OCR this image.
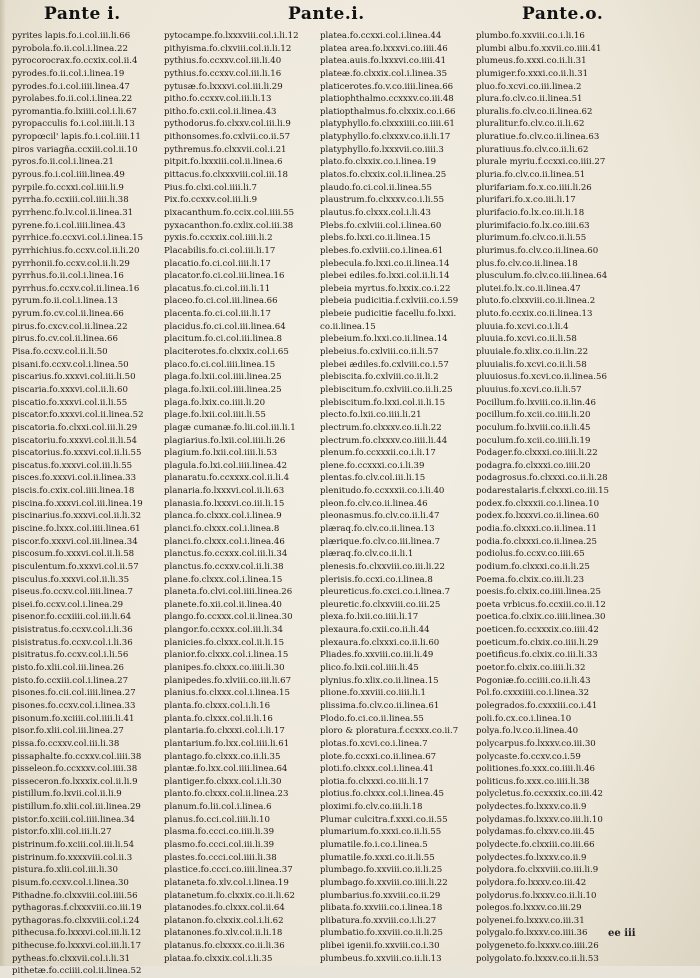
Pante i.	Pante.i.	Pante.o.
pyrites lapis.fo.i.col.iii.li.66
pyrobola.fo.ii.col.i.linea.22
pyrocorocrax.fo.ccxix.col.ii.4
pyrodes.fo.ii.col.i.linea.19
pyrodes.fo.i.col.iiii.linea.47
pyrolabes.fo.ii.col.i.linea.22
pyromantia.fo.lxiiii.col.i.li.67
pyropacculis fo.i.col.iiii.li.13
pyropœcil' lapis.fo.i.col.iiii.11
piros variagña.ccxiii.col.ii.10
pyros.fo.ii.col.i.linea.21
pyrous.fo.i.col.iiii.linea.49
pyrpile.fo.ccxxi.col.iiii.li.9
pyrrha.fo.ccxiii.col.iiii.li.38
pyrrhenc.fo.lv.col.ii.linea.31
pyrene.fo.i.col.iiii.linea.43
pyrrhice.fo.ccxvi.col.i.linea.15
pyrrhichius.fo.ccxv.col.ii.li.20
pyrrhonii.fo.ccxv.col.ii.li.29
pyrrhus.fo.ii.col.i.linea.16
pyrrhus.fo.ccxv.col.ii.linea.16
pyrum.fo.ii.col.i.linea.13
pyrum.fo.cv.col.ii.linea.66
pirus.fo.cxcv.col.ii.linea.22
pirus.fo.cv.col.ii.linea.66
Pisa.fo.ccxv.col.ii.li.50
pisani.fo.ccxv.col.i.linea.50
piscarius.fo.xxxvi.col.iii.li.50
piscaria.fo.xxxvi.col.ii.li.60
piscatio.fo.xxxvi.col.ii.li.55
piscator.fo.xxxvi.col.ii.linea.52
piscatoria.fo.clxxi.col.iii.li.29
piscatoriu.fo.xxxvi.col.ii.li.54
piscatorius.fo.xxxvi.col.ii.li.55
piscatus.fo.xxxvi.col.iii.li.55
pisces.fo.xxxvi.col.ii.linea.33
piscis.fo.cxix.col.iiii.linea.18
piscina.fo.xxxvi.col.iii.linea.19
piscinarius.fo.xxxvi.col.ii.li.32
piscine.fo.lxxx.col.iiii.linea.61
piscor.fo.xxxvi.col.iii.linea.34
piscosum.fo.xxxvi.col.ii.li.58
pisculentum.fo.xxxvi.col.ii.57
pisculus.fo.xxxvi.col.ii.li.35
piseus.fo.ccxv.col.iiii.linea.7
pisei.fo.ccxv.col.i.linea.29
pisenor.fo.ccxiiii.col.iii.li.64
pisistratus.fo.ccxv.col.i.li.36
pisistratus.fo.ccxv.col.i.li.36
pisitratus.fo.ccxv.col.i.li.56
pisto.fo.xlii.col.iii.linea.26
pisto.fo.ccxiii.col.i.linea.27
pisones.fo.cii.col.iiii.linea.27
pisones.fo.ccxv.col.i.linea.33
pisonum.fo.xciiii.col.iiii.li.41
pisor.fo.xlii.col.iii.linea.27
pissa.fo.ccxxv.col.iii.li.38
pissaphalte.fo.ccxxv.col.iiii.38
pisseleon.fo.ccxxxv.col.iiii.38
pisseceron.fo.lxxxix.col.ii.li.9
pistillum.fo.lxvii.col.ii.li.9
pistillum.fo.xlii.col.iii.linea.29
pistor.fo.xciii.col.iiii.linea.34
pistor.fo.xlii.col.iii.li.27
pistrinum.fo.xciii.col.iii.li.54
pistrinum.fo.xxxxviii.col.ii.3
pistura.fo.xlii.col.iii.li.30
pisum.fo.ccxv.col.i.linea.30
Pithadne.fo.clxxviii.col.iiii.56
pythagoras.f.clxxxviii.co.iii.19
pythagoras.fo.clxxviii.col.i.24
pithecusa.fo.lxxxvi.col.iii.li.12
pithecuse.fo.lxxxvi.col.iii.li.17
pytheas.fo.clxxvii.col.i.li.31
pithetæ.fo.cciiii.col.ii.linea.52
pytocampe.fo.lxxxviii.col.i.li.12
pithyisma.fo.clxviii.col.ii.li.12
pythius.fo.ccxxv.col.iii.li.40
pythius.fo.ccxxv.col.iii.li.16
pytusæ.fo.lxxxvi.col.iii.li.29
pitho.fo.ccxxv.col.iii.li.13
pitho.fo.cxii.col.ii.linea.43
pythodorus.fo.clxxv.col.iii.li.9
pithonsomes.fo.cxlvii.co.ii.57
pythremus.fo.clxxvii.col.i.21
pitpit.fo.lxxxiii.col.ii.linea.6
pittacus.fo.clxxxviii.col.iii.18
Pius.fo.clxi.col.iiii.li.7
Pix.fo.ccxxv.col.iii.li.9
pixacanthum.fo.ccix.col.iiii.55
pyxacanthon.fo.cxlix.col.iii.38
pyxis.fo.ccxxix.col.iiii.li.2
Placabilis.fo.ci.col.iii.li.17
placatio.fo.ci.col.iiii.li.17
placator.fo.ci.col.iii.linea.16
placatus.fo.ci.col.iii.li.11
placeo.fo.ci.col.iii.linea.66
placenta.fo.ci.col.iii.li.17
placidus.fo.ci.col.iii.linea.64
placitum.fo.ci.col.iii.linea.8
placiterotes.fo.clxxix.col.i.65
placo.fo.ci.col.iiii.linea.15
plaga.fo.lxii.col.iiii.linea.25
plaga.fo.lxii.col.iiii.linea.25
plaga.fo.lxix.co.iiii.li.20
plage.fo.lxii.col.iiii.li.55
plagæ cumanæ.fo.lii.col.iii.li.1
plagiarius.fo.lxii.col.iiii.li.26
plagium.fo.lxii.col.iiii.li.53
plagula.fo.lxi.col.iiii.linea.42
planaratu.fo.ccxxxx.col.ii.li.4
planaria.fo.lxxxvi.col.ii.li.63
planasia.fo.lxxxvi.co.iii.li.15
planca.fo.clxxx.col.i.linea.9
planci.fo.clxxx.col.i.linea.8
planci.fo.clxxx.col.i.linea.46
planctus.fo.ccxxx.col.iii.li.34
planctus.fo.ccxxv.col.ii.li.38
plane.fo.clxxx.col.i.linea.15
planeta.fo.clvi.col.iiii.linea.26
planete.fo.xii.col.ii.linea.40
plango.fo.ccxxx.col.ii.linea.30
plangor.fo.ccxxx.col.iii.li.34
planicies.fo.clxxx.col.ii.li.15
planior.fo.clxxx.col.i.linea.15
planipes.fo.clxxx.co.iiii.li.30
planipedes.fo.xlviii.co.iii.li.67
planius.fo.clxxx.col.i.linea.15
planta.fo.clxxx.col.i.li.16
planta.fo.clxxx.col.ii.li.16
plantaria.fo.clxxxi.col.i.li.17
plantarium.fo.lxx.col.iiii.li.61
plantago.fo.clxxx.co.ii.li.35
plantæ.fo.lxx.col.iiii.linea.64
plantiger.fo.clxxx.col.i.li.30
planto.fo.clxxx.col.ii.linea.23
planum.fo.lii.col.i.linea.6
planus.fo.cci.col.iiii.li.10
plasma.fo.ccci.co.iiii.li.39
plasmo.fo.ccci.col.iii.li.39
plastes.fo.ccci.col.iiii.li.38
plastice.fo.ccci.co.iiii.linea.37
plataneta.fo.xlv.col.i.linea.19
platanetum.fo.clxxix.co.ii.li.62
platanodes.fo.clxxx.col.ii.64
platanon.fo.clxxix.col.i.li.62
platanones.fo.xlv.col.ii.li.18
platanus.fo.clxxxx.co.ii.li.36
plataa.fo.clxxix.col.i.li.35
platea.fo.ccxxi.col.i.linea.44
platea area.fo.lxxxvi.co.iiii.46
platea.auis.fo.lxxxvi.co.iiii.41
plateæ.fo.clxxix.col.i.linea.35
platicerotes.fo.v.co.iiii.linea.66
platiophthalmo.ccxxxv.co.iii.48
platiopthalmus.fo.clxxix.co.i.66
platyphyllo.fo.clxxxiiii.co.iiii.61
platyphyllo.fo.clxxxv.co.ii.li.17
platyphyllo.fo.lxxxvii.co.iiii.3
plato.fo.clxxix.co.i.linea.19
platos.fo.clxxix.col.ii.linea.25
plaudo.fo.ci.col.ii.linea.55
plaustrum.fo.clxxxv.co.i.li.55
plautus.fo.clxxx.col.i.li.43
Plebs.fo.cxlviii.col.i.linea.60
plebs.fo.lxxi.co.ii.linea.15
plebes.fo.cxlviii.co.i.linea.61
plebecula.fo.lxxi.co.ii.linea.14
plebei ediles.fo.lxxi.col.ii.li.14
plebeia myrtus.fo.lxxix.co.i.22
plebeia pudicitia.f.cxlviii.co.i.59
plebeie pudicitie facellu.fo.lxxi.
co.ii.linea.15
plebeium.fo.lxxi.co.ii.linea.14
plebeius.fo.cxlviii.co.ii.li.57
plebei ædiles.fo.cxlviii.co.i.57
plebiscita.fo.cxlviii.co.ii.li.2
plebiscitum.fo.cxlviii.co.ii.li.25
plebiscitum.fo.lxxi.col.ii.li.15
plecto.fo.lxii.co.iiii.li.21
plectrum.fo.clxxxv.co.ii.li.22
plectrum.fo.clxxxv.co.iiii.li.44
plenum.fo.ccxxxii.co.i.li.17
plene.fo.ccxxxi.co.i.li.39
plentas.fo.clv.col.iii.li.15
plenitudo.fo.ccxxxii.co.i.li.40
pleon.fo.clv.co.ii.linea.46
pleonasmus.fo.clv.co.ii.li.47
plæraq.fo.clv.co.ii.linea.13
plærique.fo.clv.co.iii.linea.7
plæraq.fo.clv.co.ii.li.1
plenesis.fo.clxxviii.co.iii.li.22
plerisis.fo.ccxi.co.i.linea.8
pleureticus.fo.cxci.co.i.linea.7
pleuretic.fo.clxxviii.co.iii.25
plexa.fo.lxii.co.iiii.li.17
plexaura.fo.cxii.co.ii.li.44
plexaura.fo.clxxxi.co.ii.li.60
Pliades.fo.xxviii.co.iii.li.49
plico.fo.lxii.col.iiii.li.45
plynius.fo.xlix.co.ii.linea.15
plione.fo.xxviii.co.iiii.li.1
plissima.fo.clv.co.ii.linea.61
Plodo.fo.ci.co.ii.linea.55
ploro & ploratura.f.ccxxx.co.ii.7
plotas.fo.xcvi.co.i.linea.7
plote.fo.ccxxi.co.ii.linea.67
ploti.fo.clxxx.col.i.linea.41
plotia.fo.clxxxi.co.iii.li.17
plotius.fo.clxxx.col.i.linea.45
ploximi.fo.clv.co.iii.li.18
Plumar culcitra.f.xxxi.co.ii.55
plumarium.fo.xxxi.co.ii.li.55
plumatile.fo.i.co.i.linea.5
plumatile.fo.xxxi.co.ii.li.55
plumbago.fo.xxviii.co.ii.li.25
plumbago.fo.xxviii.co.iiii.li.22
plumbarius.fo.xxviii.co.ii.29
plibata.fo.xxviii.co.i.linea.18
plibatura.fo.xxviii.co.i.li.27
plumbatio.fo.xxviii.co.ii.li.25
plibei igenii.fo.xxviii.co.i.30
plumbeus.fo.xxviii.co.ii.li.13
plumbo.fo.xxviii.co.i.li.16
plumbi albu.fo.xxvii.co.iiii.41
plumeus.fo.xxxi.co.ii.li.31
plumiger.fo.xxxi.co.ii.li.31
pluo.fo.xcvi.co.iii.linea.2
plura.fo.clv.co.ii.linea.51
pluralis.fo.clv.co.ii.linea.62
pluralitur.fo.clv.co.ii.li.62
pluratiue.fo.clv.co.ii.linea.63
pluratiuus.fo.clv.co.ii.li.62
plurale myriu.f.ccxxi.co.iiii.27
pluria.fo.clv.co.ii.linea.51
plurifariam.fo.x.co.iiii.li.26
plurifari.fo.x.co.iii.li.17
plurifacio.fo.lx.co.iii.li.18
plurimifacio.fo.lx.co.iiii.63
plurimum.fo.clv.co.ii.li.55
plurimus.fo.clv.co.ii.linea.60
plus.fo.clv.co.ii.linea.18
plusculum.fo.clv.co.iii.linea.64
plutei.fo.lx.co.ii.linea.47
pluto.fo.clxxviii.co.ii.linea.2
pluto.fo.ccxix.co.ii.linea.13
pluuia.fo.xcvi.co.i.li.4
pluuia.fo.xcvi.co.ii.li.58
pluuiale.fo.xlix.co.ii.lin.22
pluuialis.fo.xcvi.co.ii.li.58
pluuiosus.fo.xcvi.co.ii.linea.56
pluuius.fo.xcvi.co.ii.li.57
Pocillum.fo.lxviii.co.ii.lin.46
pocillum.fo.xcii.co.iiii.li.20
poculum.fo.lxviii.co.ii.li.45
poculum.fo.xcii.co.iiii.li.19
Podager.fo.clxxxi.co.iiii.li.22
podagra.fo.clxxxi.co.iiii.20
podagrosus.fo.clxxxi.co.ii.li.28
podarestalaris.f.clxxxi.co.iii.15
podex.fo.clxxxii.co.i.linea.10
podex.fo.lxxxvi.co.ii.linea.60
podia.fo.clxxxi.co.ii.linea.11
podia.fo.clxxxi.co.ii.linea.25
podiolus.fo.ccxv.co.iiii.65
podium.fo.clxxxi.co.ii.li.25
Poema.fo.clxix.co.iii.li.23
poesis.fo.clxix.co.iiii.linea.25
poeta vrbicus.fo.ccxiii.co.ii.12
poetica.fo.clxix.co.iiii.linea.30
poeticen.fo.ccxxxix.co.iiii.42
poeticum.fo.clxix.co.iiii.li.29
poetificus.fo.clxix.co.iii.li.33
poetor.fo.clxix.co.iiii.li.32
Pogoniæ.fo.cciiii.co.ii.li.43
Pol.fo.cxxxiiii.co.i.linea.32
polegrados.fo.cxxxiii.co.i.41
poli.fo.cx.co.i.linea.10
polya.fo.lv.co.ii.linea.40
polycarpus.fo.lxxxv.co.iii.30
polycaste.fo.ccxv.co.i.59
politiones.fo.xxx.co.iiii.li.46
politicus.fo.xxx.co.iiii.li.38
polycletus.fo.ccxxxix.co.iii.42
polydectes.fo.lxxxv.co.ii.9
polydamas.fo.lxxxv.co.iii.li.10
polydamas.fo.clxxv.co.iii.45
polydecte.fo.clxxiii.co.iii.66
polydectes.fo.lxxxv.co.ii.9
polydora.fo.clxxviii.co.iii.li.9
polydora.fo.lxxxv.co.iii.42
polydorus.fo.lxxxv.co.ii.li.10
polegos.fo.lxxxv.co.iii.29
polyenei.fo.lxxxv.co.iii.31
polygalo.fo.lxxxv.co.iiii.36
polygeneto.fo.lxxxv.co.iiii.26
polygolato.fo.lxxxv.co.ii.li.53
ee iii
